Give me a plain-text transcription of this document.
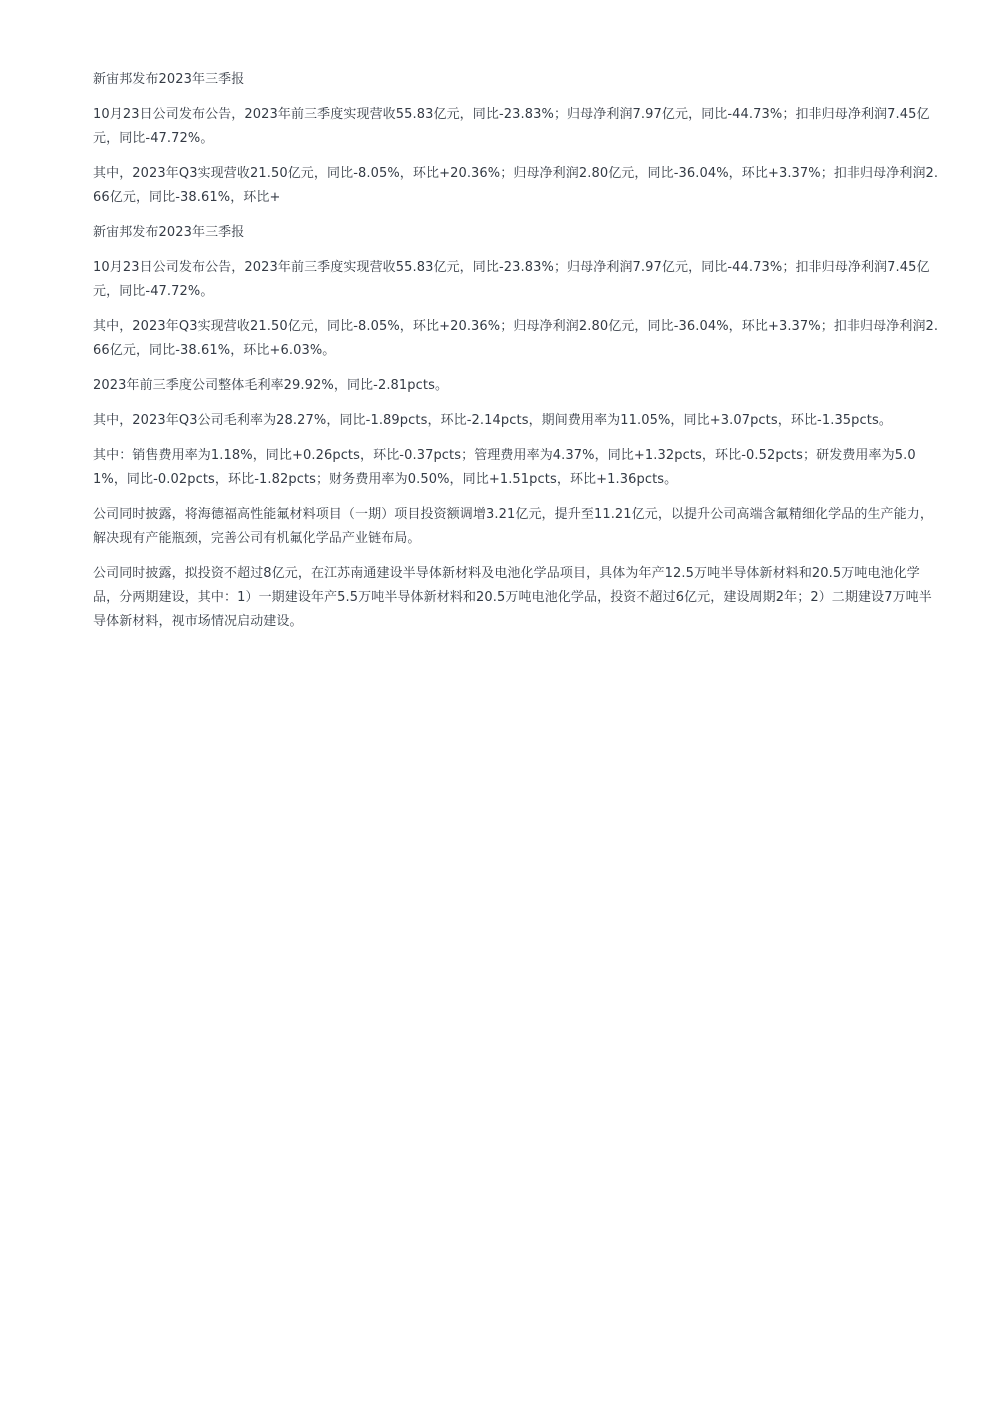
新宙邦发布2023年三季报

10月23日公司发布公告，2023年前三季度实现营收55.83亿元，同比-23.83%；归母净利润7.97亿元，同比-44.73%；扣非归母净利润7.45亿元，同比-47.72%。

其中，2023年Q3实现营收21.50亿元，同比-8.05%，环比+20.36%；归母净利润2.80亿元，同比-36.04%，环比+3.37%；扣非归母净利润2.66亿元，同比-38.61%，环比+

新宙邦发布2023年三季报

10月23日公司发布公告，2023年前三季度实现营收55.83亿元，同比-23.83%；归母净利润7.97亿元，同比-44.73%；扣非归母净利润7.45亿元，同比-47.72%。

其中，2023年Q3实现营收21.50亿元，同比-8.05%，环比+20.36%；归母净利润2.80亿元，同比-36.04%，环比+3.37%；扣非归母净利润2.66亿元，同比-38.61%，环比+6.03%。

2023年前三季度公司整体毛利率29.92%，同比-2.81pcts。

其中，2023年Q3公司毛利率为28.27%，同比-1.89pcts，环比-2.14pcts，期间费用率为11.05%，同比+3.07pcts，环比-1.35pcts。

其中：销售费用率为1.18%，同比+0.26pcts，环比-0.37pcts；管理费用率为4.37%，同比+1.32pcts，环比-0.52pcts；研发费用率为5.01%，同比-0.02pcts，环比-1.82pcts；财务费用率为0.50%，同比+1.51pcts，环比+1.36pcts。

公司同时披露，将海德福高性能氟材料项目（一期）项目投资额调增3.21亿元，提升至11.21亿元，以提升公司高端含氟精细化学品的生产能力，解决现有产能瓶颈，完善公司有机氟化学品产业链布局。

公司同时披露，拟投资不超过8亿元，在江苏南通建设半导体新材料及电池化学品项目，具体为年产12.5万吨半导体新材料和20.5万吨电池化学品，分两期建设，其中：1）一期建设年产5.5万吨半导体新材料和20.5万吨电池化学品，投资不超过6亿元，建设周期2年；2）二期建设7万吨半导体新材料，视市场情况启动建设。
